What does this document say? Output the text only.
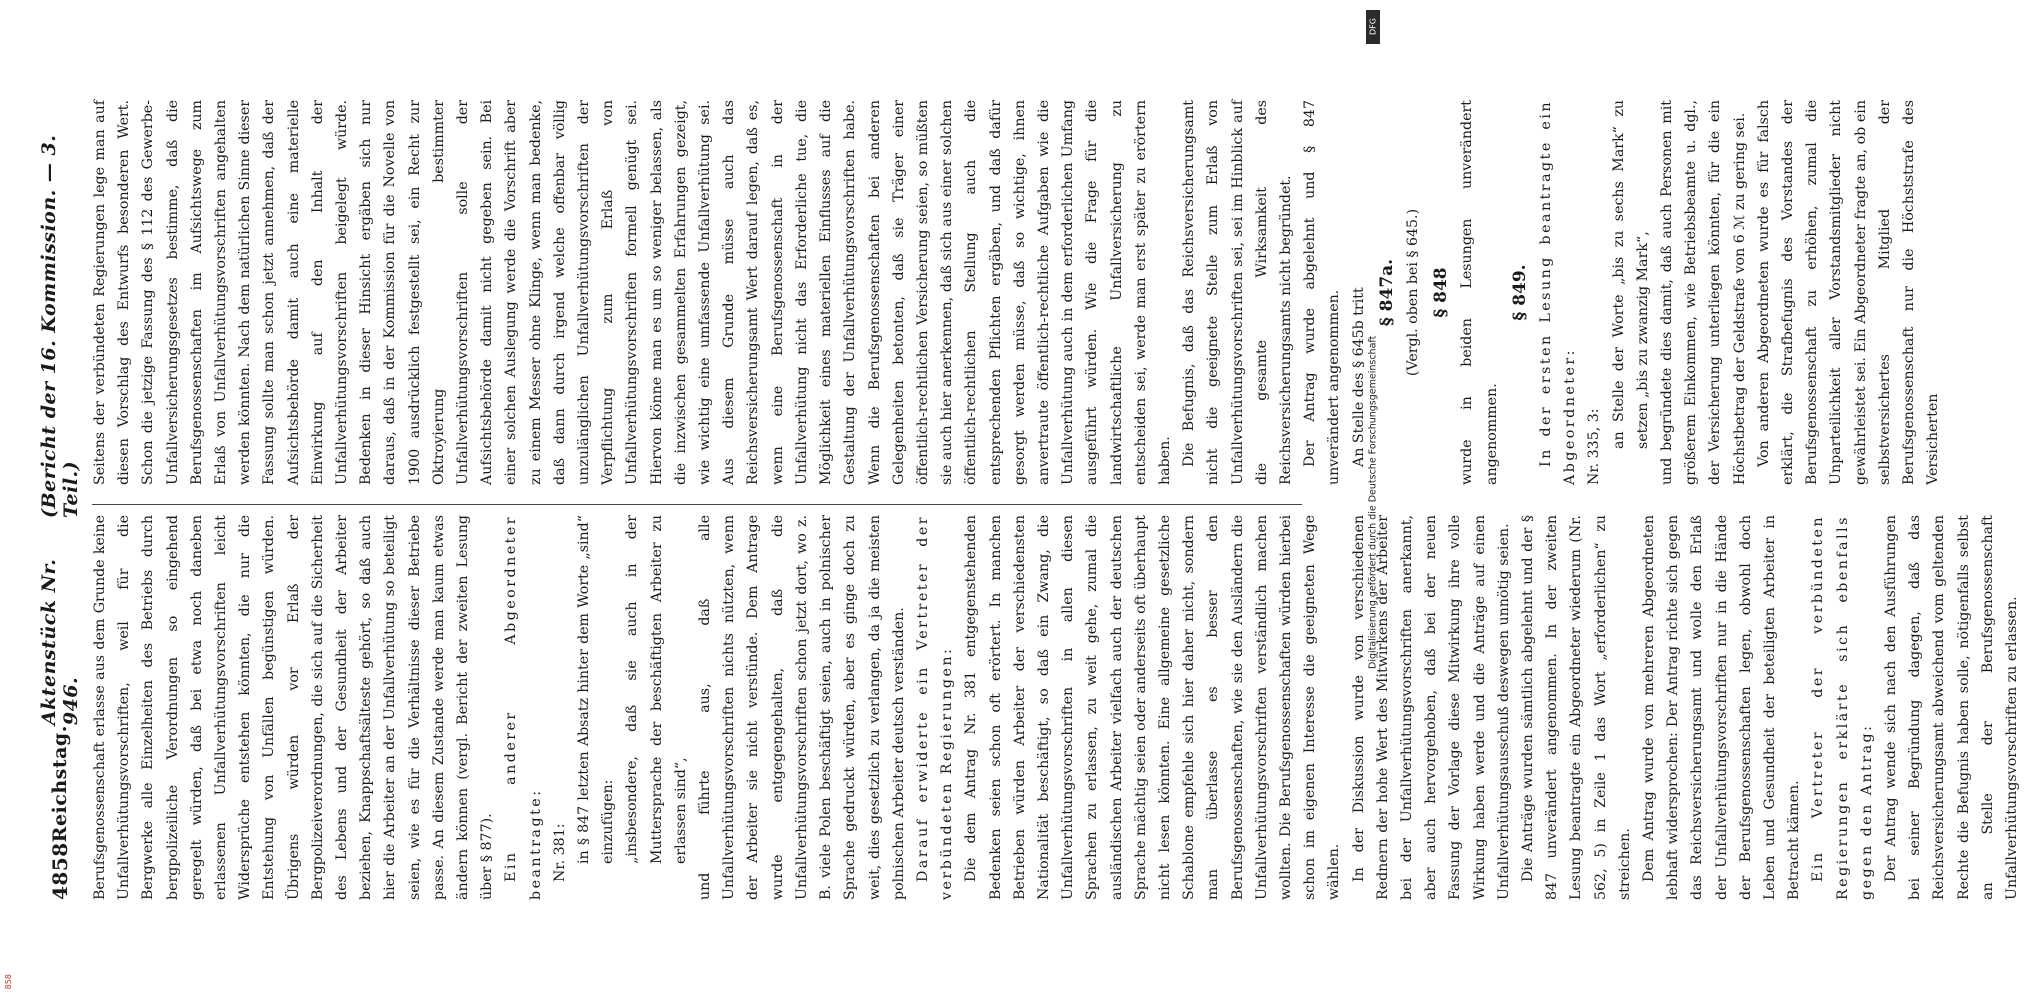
4858
Reichstag.
Aktenstück Nr. 946.
(Bericht der 16. Kommission. — 3. Teil.)

Berufsgenossenschaft erlasse aus dem Grunde keine Unfallverhütungsvorschriften, weil für die Bergwerke alle Einzelheiten des Betriebs durch bergpolizeiliche Verordnungen so eingehend geregelt würden, daß bei etwa noch daneben erlassenen Unfallverhütungsvorschriften leicht Widersprüche entstehen könnten, die nur die Entstehung von Unfällen begünstigen würden. Übrigens würden vor Erlaß der Bergpolizeiverordnungen, die sich auf die Sicherheit des Lebens und der Gesundheit der Arbeiter beziehen, Knappschaftsälteste gehört, so daß auch hier die Arbeiter an der Unfallverhütung so beteiligt seien, wie es für die Verhältnisse dieser Betriebe passe. An diesem Zustande werde man kaum etwas ändern können (vergl. Bericht der zweiten Lesung über § 877). Ein anderer Abgeordneter beantragte: Nr. 381: in § 847 letzten Absatz hinter dem Worte „sind“ einzufügen: „insbesondere, daß sie auch in der Muttersprache der beschäftigten Arbeiter zu erlassen sind“, und führte aus, daß alle Unfallverhütungsvorschriften nichts nützten, wenn der Arbeiter sie nicht verstünde. Dem Antrage wurde entgegengehalten, daß die Unfallverhütungsvorschriften schon jetzt dort, wo z. B. viele Polen beschäftigt seien, auch in polnischer Sprache gedruckt würden, aber es ginge doch zu weit, dies gesetzlich zu verlangen, da ja die meisten polnischen Arbeiter deutsch verständen. Darauf erwiderte ein Vertreter der verbündeten Regierungen: Die dem Antrag Nr. 381 entgegenstehenden Bedenken seien schon oft erörtert. In manchen Betrieben würden Arbeiter der verschiedensten Nationalität beschäftigt, so daß ein Zwang, die Unfallverhütungsvorschriften in allen diesen Sprachen zu erlassen, zu weit gehe, zumal die ausländischen Arbeiter vielfach auch der deutschen Sprache mächtig seien oder anderseits oft überhaupt nicht lesen könnten. Eine allgemeine gesetzliche Schablone empfehle sich hier daher nicht, sondern man überlasse es besser den Berufsgenossenschaften, wie sie den Ausländern die Unfallverhütungsvorschriften verständlich machen wollten. Die Berufsgenossenschaften würden hierbei schon im eigenen Interesse die geeigneten Wege wählen. In der Diskussion wurde von verschiedenen Rednern der hohe Wert des Mitwirkens der Arbeiter bei der Unfallverhütungsvorschriften anerkannt, aber auch hervorgehoben, daß bei der neuen Fassung der Vorlage diese Mitwirkung ihre volle Wirkung haben werde und die Anträge auf einen Unfallverhütungsausschuß deswegen unnötig seien. Die Anträge wurden sämtlich abgelehnt und der § 847 unverändert angenommen. In der zweiten Lesung beantragte ein Abgeordneter wiederum (Nr. 562, 5) in Zeile 1 das Wort „erforderlichen“ zu streichen. Dem Antrag wurde von mehreren Abgeordneten lebhaft widersprochen: Der Antrag richte sich gegen das Reichsversicherungsamt und wolle den Erlaß der Unfallverhütungsvorschriften nur in die Hände der Berufsgenossenschaften legen, obwohl doch Leben und Gesundheit der beteiligten Arbeiter in Betracht kämen. Ein Vertreter der verbündeten Regierungen erklärte sich ebenfalls gegen den Antrag: Der Antrag wende sich nach den Ausführungen bei seiner Begründung dagegen, daß das Reichsversicherungsamt abweichend vom geltenden Rechte die Befugnis haben solle, nötigenfalls selbst an Stelle der Berufsgenossenschaft Unfallverhütungsvorschriften zu erlassen.

Seitens der verbündeten Regierungen lege man auf diesen Vorschlag des Entwurfs besonderen Wert. Schon die jetzige Fassung des § 112 des Gewerbe-Unfallversicherungsgesetzes bestimme, daß die Berufsgenossenschaften im Aufsichtswege zum Erlaß von Unfallverhütungsvorschriften angehalten werden könnten. Nach dem natürlichen Sinne dieser Fassung sollte man schon jetzt annehmen, daß der Aufsichtsbehörde damit auch eine materielle Einwirkung auf den Inhalt der Unfallverhütungsvorschriften beigelegt würde. Bedenken in dieser Hinsicht ergäben sich nur daraus, daß in der Kommission für die Novelle von 1900 ausdrücklich festgestellt sei, ein Recht zur Oktroyierung bestimmter Unfallverhütungsvorschriften solle der Aufsichtsbehörde damit nicht gegeben sein. Bei einer solchen Auslegung werde die Vorschrift aber zu einem Messer ohne Klinge, wenn man bedenke, daß dann durch irgend welche offenbar völlig unzulänglichen Unfallverhütungsvorschriften der Verpflichtung zum Erlaß von Unfallverhütungsvorschriften formell genügt sei. Hiervon könne man es um so weniger belassen, als die inzwischen gesammelten Erfahrungen gezeigt, wie wichtig eine umfassende Unfallverhütung sei. Aus diesem Grunde müsse auch das Reichsversicherungsamt Wert darauf legen, daß es, wenn eine Berufsgenossenschaft in der Unfallverhütung nicht das Erforderliche tue, die Möglichkeit eines materiellen Einflusses auf die Gestaltung der Unfallverhütungsvorschriften habe. Wenn die Berufsgenossenschaften bei anderen Gelegenheiten betonten, daß sie Träger einer öffentlich-rechtlichen Versicherung seien, so müßten sie auch hier anerkennen, daß sich aus einer solchen öffentlich-rechtlichen Stellung auch die entsprechenden Pflichten ergäben, und daß dafür gesorgt werden müsse, daß so wichtige, ihnen anvertraute öffentlich-rechtliche Aufgaben wie die Unfallverhütung auch in dem erforderlichen Umfang ausgeführt würden. Wie die Frage für die landwirtschaftliche Unfallversicherung zu entscheiden sei, werde man erst später zu erörtern haben. Die Befugnis, daß das Reichsversicherungsamt nicht die geeignete Stelle zum Erlaß von Unfallverhütungsvorschriften sei, sei im Hinblick auf die gesamte Wirksamkeit des Reichsversicherungsamts nicht begründet. Der Antrag wurde abgelehnt und § 847 unverändert angenommen. An Stelle des § 645b tritt § 847a. (Vergl. oben bei § 645.) § 848 wurde in beiden Lesungen unverändert angenommen.

§ 849. In der ersten Lesung beantragte ein Abgeordneter: Nr. 335, 3: an Stelle der Worte „bis zu sechs Mark“ zu setzen „bis zu zwanzig Mark“, und begründete dies damit, daß auch Personen mit größerem Einkommen, wie Betriebsbeamte u. dgl., der Versicherung unterliegen könnten, für die ein Höchstbetrag der Geldstrafe von 6 ℳ zu gering sei. Von anderen Abgeordneten wurde es für falsch erklärt, die Strafbefugnis des Vorstandes der Berufsgenossenschaft zu erhöhen, zumal die Unparteilichkeit aller Vorstandsmitglieder nicht gewährleistet sei. Ein Abgeordneter fragte an, ob ein selbstversichertes Mitglied der Berufsgenossenschaft nur die Höchststrafe des Versicherten

Digitalisierung gefördert durch die Deutsche Forschungsgemeinschaft
DFG
858
